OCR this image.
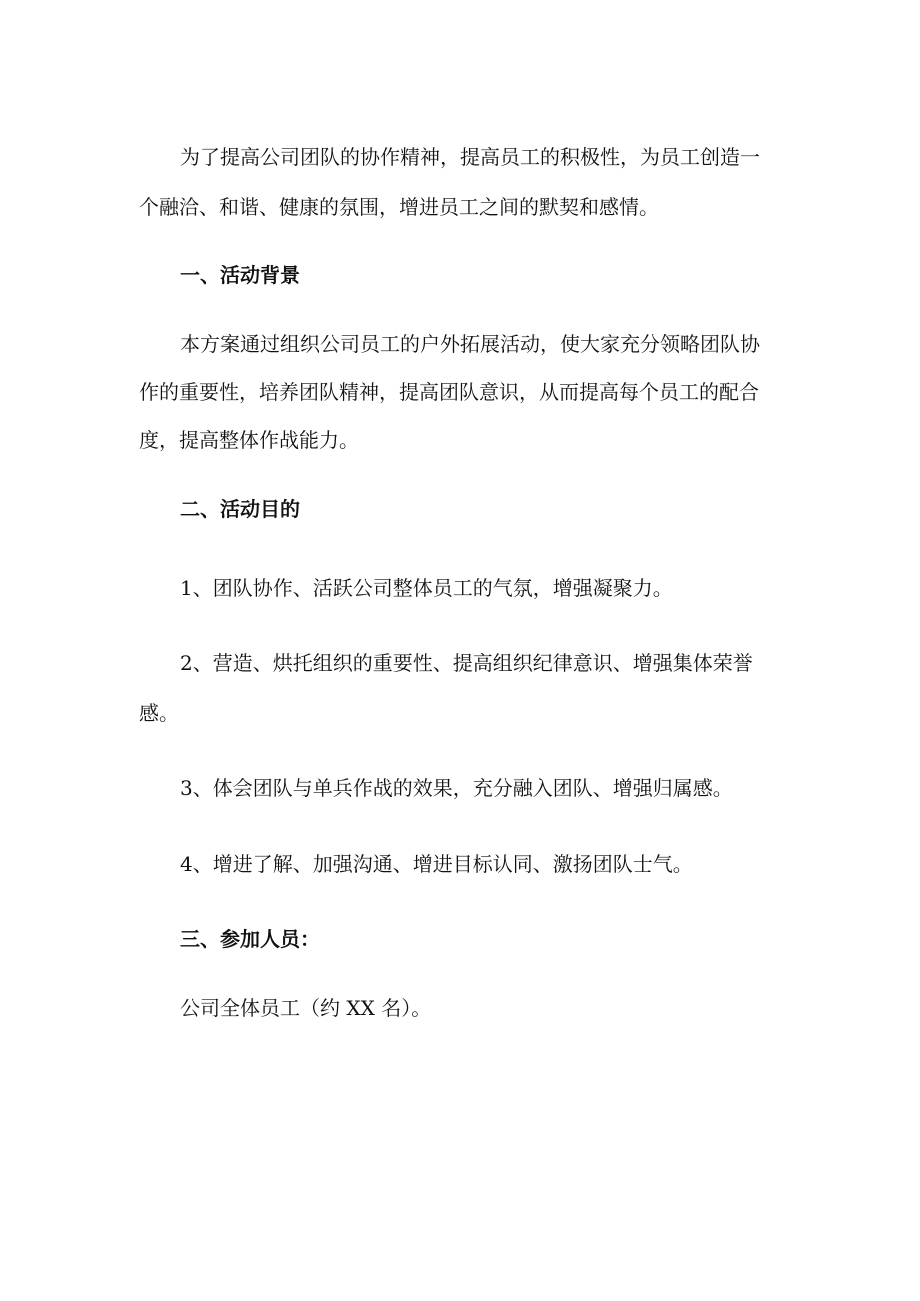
为了提高公司团队的协作精神，提高员工的积极性，为员工创造一
个融洽、和谐、健康的氛围，增进员工之间的默契和感情。
一、活动背景
本方案通过组织公司员工的户外拓展活动，使大家充分领略团队协
作的重要性，培养团队精神，提高团队意识，从而提高每个员工的配合
度，提高整体作战能力。
二、活动目的
1、团队协作、活跃公司整体员工的气氛，增强凝聚力。
2、营造、烘托组织的重要性、提高组织纪律意识、增强集体荣誉
感。
3、体会团队与单兵作战的效果，充分融入团队、增强归属感。
4、增进了解、加强沟通、增进目标认同、激扬团队士气。
三、参加人员：
公司全体员工（约 XX 名）。
